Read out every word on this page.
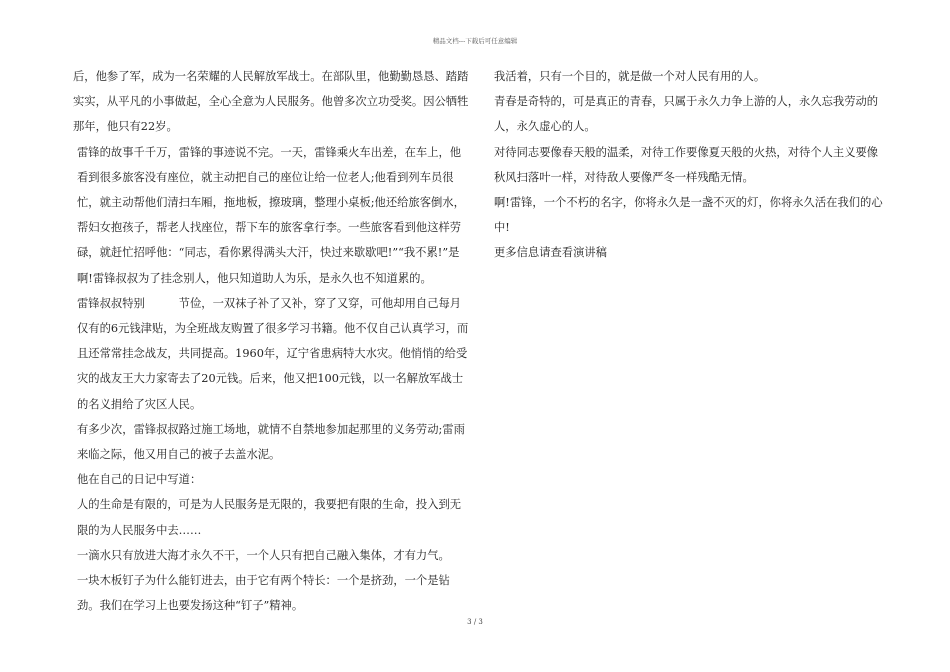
精品文档---下载后可任意编辑

后，他参了军，成为一名荣耀的人民解放军战士。在部队里，他勤勤恳恳、踏踏实实，从平凡的小事做起，全心全意为人民服务。他曾多次立功受奖。因公牺牲那年，他只有22岁。

雷锋的故事千千万，雷锋的事迹说不完。一天，雷锋乘火车出差，在车上，他看到很多旅客没有座位，就主动把自己的座位让给一位老人;他看到列车员很忙，就主动帮他们清扫车厢，拖地板，擦玻璃，整理小桌板;他还给旅客倒水，帮妇女抱孩子，帮老人找座位，帮下车的旅客拿行李。一些旅客看到他这样劳碌，就赶忙招呼他：“同志，看你累得满头大汗，快过来歇歇吧!”“我不累!”是啊!雷锋叔叔为了挂念别人，他只知道助人为乐，是永久也不知道累的。

雷锋叔叔特别　　　节俭，一双袜子补了又补，穿了又穿，可他却用自己每月仅有的6元钱津贴，为全班战友购置了很多学习书籍。他不仅自己认真学习，而且还常常挂念战友，共同提高。1960年，辽宁省患病特大水灾。他悄悄的给受灾的战友王大力家寄去了20元钱。后来，他又把100元钱，以一名解放军战士的名义捐给了灾区人民。

有多少次，雷锋叔叔路过施工场地，就情不自禁地参加起那里的义务劳动;雷雨来临之际，他又用自己的被子去盖水泥。

他在自己的日记中写道：

人的生命是有限的，可是为人民服务是无限的，我要把有限的生命，投入到无限的为人民服务中去……

一滴水只有放进大海才永久不干，一个人只有把自己融入集体，才有力气。

一块木板钉子为什么能钉进去，由于它有两个特长：一个是挤劲，一个是钻劲。我们在学习上也要发扬这种“钉子”精神。

我活着，只有一个目的，就是做一个对人民有用的人。

青春是奇特的，可是真正的青春，只属于永久力争上游的人，永久忘我劳动的人，永久虚心的人。

对待同志要像春天般的温柔，对待工作要像夏天般的火热，对待个人主义要像秋风扫落叶一样，对待敌人要像严冬一样残酷无情。

啊!雷锋，一个不朽的名字，你将永久是一盏不灭的灯，你将永久活在我们的心中!

更多信息请查看演讲稿

3 / 3
